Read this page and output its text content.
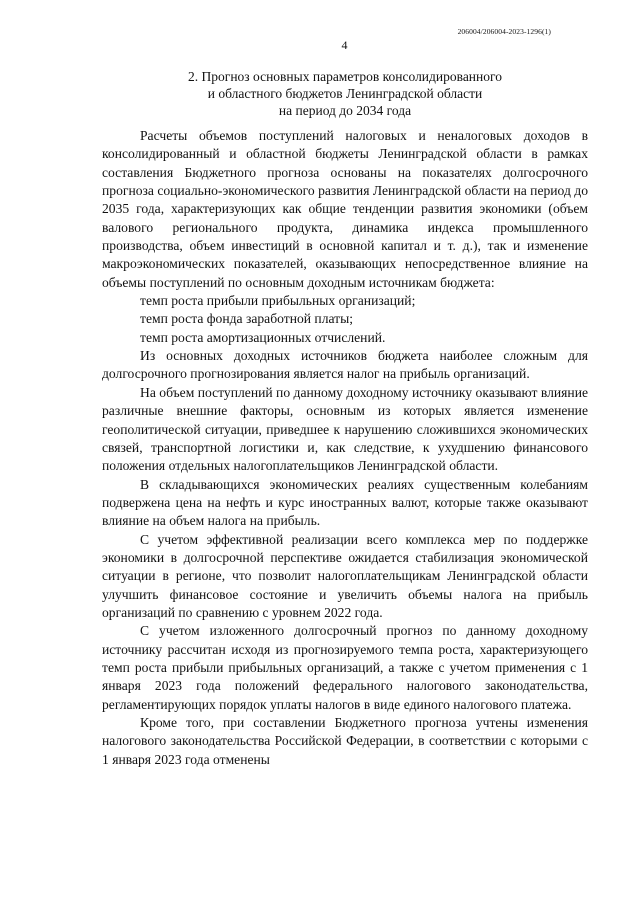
206004/206004-2023-1296(1)
4
2. Прогноз основных параметров консолидированного
и областного бюджетов Ленинградской области
на период до 2034 года

Расчеты объемов поступлений налоговых и неналоговых доходов в консолидированный и областной бюджеты Ленинградской области в рамках составления Бюджетного прогноза основаны на показателях долгосрочного прогноза социально-экономического развития Ленинградской области на период до 2035 года, характеризующих как общие тенденции развития экономики (объем валового регионального продукта, динамика индекса промышленного производства, объем инвестиций в основной капитал и т. д.), так и изменение макроэкономических показателей, оказывающих непосредственное влияние на объемы поступлений по основным доходным источникам бюджета:

темп роста прибыли прибыльных организаций;

темп роста фонда заработной платы;

темп роста амортизационных отчислений.

Из основных доходных источников бюджета наиболее сложным для долгосрочного прогнозирования является налог на прибыль организаций.

На объем поступлений по данному доходному источнику оказывают влияние различные внешние факторы, основным из которых является изменение геополитической ситуации, приведшее к нарушению сложившихся экономических связей, транспортной логистики и, как следствие, к ухудшению финансового положения отдельных налогоплательщиков Ленинградской области.

В складывающихся экономических реалиях существенным колебаниям подвержена цена на нефть и курс иностранных валют, которые также оказывают влияние на объем налога на прибыль.

С учетом эффективной реализации всего комплекса мер по поддержке экономики в долгосрочной перспективе ожидается стабилизация экономической ситуации в регионе, что позволит налогоплательщикам Ленинградской области улучшить финансовое состояние и увеличить объемы налога на прибыль организаций по сравнению с уровнем 2022 года.

С учетом изложенного долгосрочный прогноз по данному доходному источнику рассчитан исходя из прогнозируемого темпа роста, характеризующего темп роста прибыли прибыльных организаций, а также с учетом применения с 1 января 2023 года положений федерального налогового законодательства, регламентирующих порядок уплаты налогов в виде единого налогового платежа.

Кроме того, при составлении Бюджетного прогноза учтены изменения налогового законодательства Российской Федерации, в соответствии с которыми с 1 января 2023 года отменены
